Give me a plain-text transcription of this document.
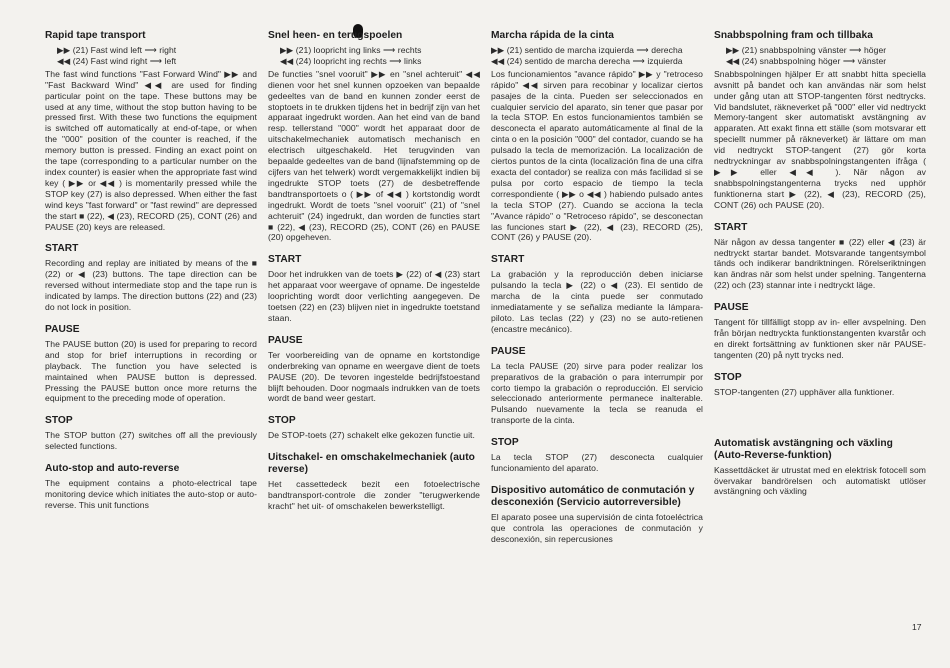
Rapid tape transport
▶▶ (21) Fast wind left ⟶ right
◀◀ (24) Fast wind right ⟶ left

The fast wind functions "Fast Forward Wind" ▶▶ and "Fast Backward Wind" ◀◀ are used for finding particular point on the tape. These buttons may be used at any time, without the stop button having to be pressed first. With these two functions the equipment is switched off automatically at end-of-tape, or when the "000" position of the counter is reached, if the memory button is pressed. Finding an exact point on the tape (corresponding to a particular number on the index counter) is easier when the appropriate fast wind key ( ▶▶ or ◀◀ ) is momentarily pressed while the STOP key (27) is also depressed. When either the fast wind keys "fast forward" or "fast rewind" are depressed the start ■ (22), ◀ (23), RECORD (25), CONT (26) and PAUSE (20) keys are released.

START

Recording and replay are initiated by means of the ■ (22) or ◀ (23) buttons. The tape direction can be reversed without intermediate stop and the tape run is indicated by lamps. The direction buttons (22) and (23) do not lock in position.

PAUSE

The PAUSE button (20) is used for preparing to record and stop for brief interruptions in recording or playback. The function you have selected is maintained when PAUSE button is depressed. Pressing the PAUSE button once more returns the equipment to the preceding mode of operation.

STOP

The STOP button (27) switches off all the previously selected functions.

Auto-stop and auto-reverse

The equipment contains a photo-electrical tape monitoring device which initiates the auto-stop or auto-reverse. This unit functions

Snel heen- en terugspoelen
▶▶ (21) loopricht ing links ⟶ rechts
◀◀ (24) loopricht ing rechts ⟶ links

De functies "snel vooruit" ▶▶ en "snel achteruit" ◀◀ dienen voor het snel kunnen opzoeken van bepaalde gedeeltes van de band en kunnen zonder eerst de stoptoets in te drukken tijdens het in bedrijf zijn van het apparaat ingedrukt worden. Aan het eind van de band resp. tellerstand "000" wordt het apparaat door de uitschakelmechaniek automatisch mechanisch en electrisch uitgeschakeld. Het terugvinden van bepaalde gedeeltes van de band (lijnafstemming op de cijfers van het telwerk) wordt vergemakkelijkt indien bij ingedrukte STOP toets (27) de desbetreffende bandtransportoets o ( ▶▶ of ◀◀ ) kortstondig wordt ingedrukt. Wordt de toets "snel vooruit" (21) of "snel achteruit" (24) ingedrukt, dan worden de functies start ■ (22), ◀ (23), RECORD (25), CONT (26) en PAUSE (20) opgeheven.

START

Door het indrukken van de toets ▶ (22) of ◀ (23) start het apparaat voor weergave of opname. De ingestelde looprichting wordt door verlichting aangegeven. De toetsen (22) en (23) blijven niet in ingedrukte toetstand staan.

PAUSE

Ter voorbereiding van de opname en kortstondige onderbreking van opname en weergave dient de toets PAUSE (20). De tevoren ingestelde bedrijfstoestand blijft behouden. Door nogmaals indrukken van de toets wordt de band weer gestart.

STOP

De STOP-toets (27) schakelt elke gekozen functie uit.

Uitschakel- en omschakelmechaniek (auto reverse)

Het cassettedeck bezit een fotoelectrische bandtransport-controle die zonder "terugwerkende kracht" het uit- of omschakelen bewerkstelligt.

Marcha rápida de la cinta
▶▶ (21) sentido de marcha izquierda ⟶ derecha
◀◀ (24) sentido de marcha derecha ⟶ izquierda

Los funcionamientos "avance rápido" ▶▶ y "retroceso rápido" ◀◀ sirven para recobinar y localizar ciertos pasajes de la cinta. Pueden ser seleccionados en cualquier servicio del aparato, sin tener que pasar por la tecla STOP. En estos funcionamientos también se desconecta el aparato automáticamente al final de la cinta o en la posición "000" del contador, cuando se ha pulsado la tecla de memorización. La localización de ciertos puntos de la cinta (localización fina de una cifra exacta del contador) se realiza con más facilidad si se pulsa por corto espacio de tiempo la tecla correspondiente ( ▶▶ o ◀◀ ) habiendo pulsado antes la tecla STOP (27). Cuando se acciona la tecla "Avance rápido" o "Retroceso rápido", se desconectan las funciones start ▶ (22), ◀ (23), RECORD (25), CONT (26) y PAUSE (20).

START

La grabación y la reproducción deben iniciarse pulsando la tecla ▶ (22) o ◀ (23). El sentido de marcha de la cinta puede ser conmutado inmediatamente y se señaliza mediante la lámpara-piloto. Las teclas (22) y (23) no se auto-retienen (encastre mecánico).

PAUSE

La tecla PAUSE (20) sirve para poder realizar los preparativos de la grabación o para interrumpir por corto tiempo la grabación o reproducción. El servicio seleccionado anteriormente permanece inalterable. Pulsando nuevamente la tecla se reanuda el transporte de la cinta.

STOP

La tecla STOP (27) desconecta cualquier funcionamiento del aparato.

Dispositivo automático de conmutación y desconexión (Servicio autorreversible)

El aparato posee una supervisión de cinta fotoeléctrica que controla las operaciones de conmutación y desconexión, sin repercusiones

Snabbspolning fram och tillbaka
▶▶ (21) snabbspolning vänster ⟶ höger
◀◀ (24) snabbspolning höger ⟶ vänster

Snabbspolningen hjälper Er att snabbt hitta speciella avsnitt på bandet och kan användas när som helst under gång utan att STOP-tangenten först nedtrycks. Vid bandslutet, räkneverket på "000" eller vid nedtryckt Memory-tangent sker automatiskt avstängning av apparaten. Att exakt finna ett ställe (som motsvarar ett speciellt nummer på räkneverket) är lättare om man vid nedtryckt STOP-tangent (27) gör korta nedtryckningar av snabbspolningstangenten ifråga ( ▶▶ eller ◀◀ ). När någon av snabbspolningstangenterna trycks ned upphör funktionerna start ▶ (22), ◀ (23), RECORD (25), CONT (26) och PAUSE (20).

START

När någon av dessa tangenter ■ (22) eller ◀ (23) är nedtryckt startar bandet. Motsvarande tangentsymbol tänds och indikerar bandriktningen. Rörelseriktningen kan ändras när som helst under spelning. Tangenterna (22) och (23) stannar inte i nedtryckt läge.

PAUSE

Tangent för tillfälligt stopp av in- eller avspelning. Den från början nedtryckta funktionstangenten kvarstår och en direkt fortsättning av funktionen sker när PAUSE-tangenten (20) på nytt trycks ned.

STOP

STOP-tangenten (27) upphäver alla funktioner.

Automatisk avstängning och växling (Auto-Reverse-funktion)

Kassettdäcket är utrustat med en elektrisk fotocell som övervakar bandrörelsen och automatiskt utlöser avstängning och växling

17
